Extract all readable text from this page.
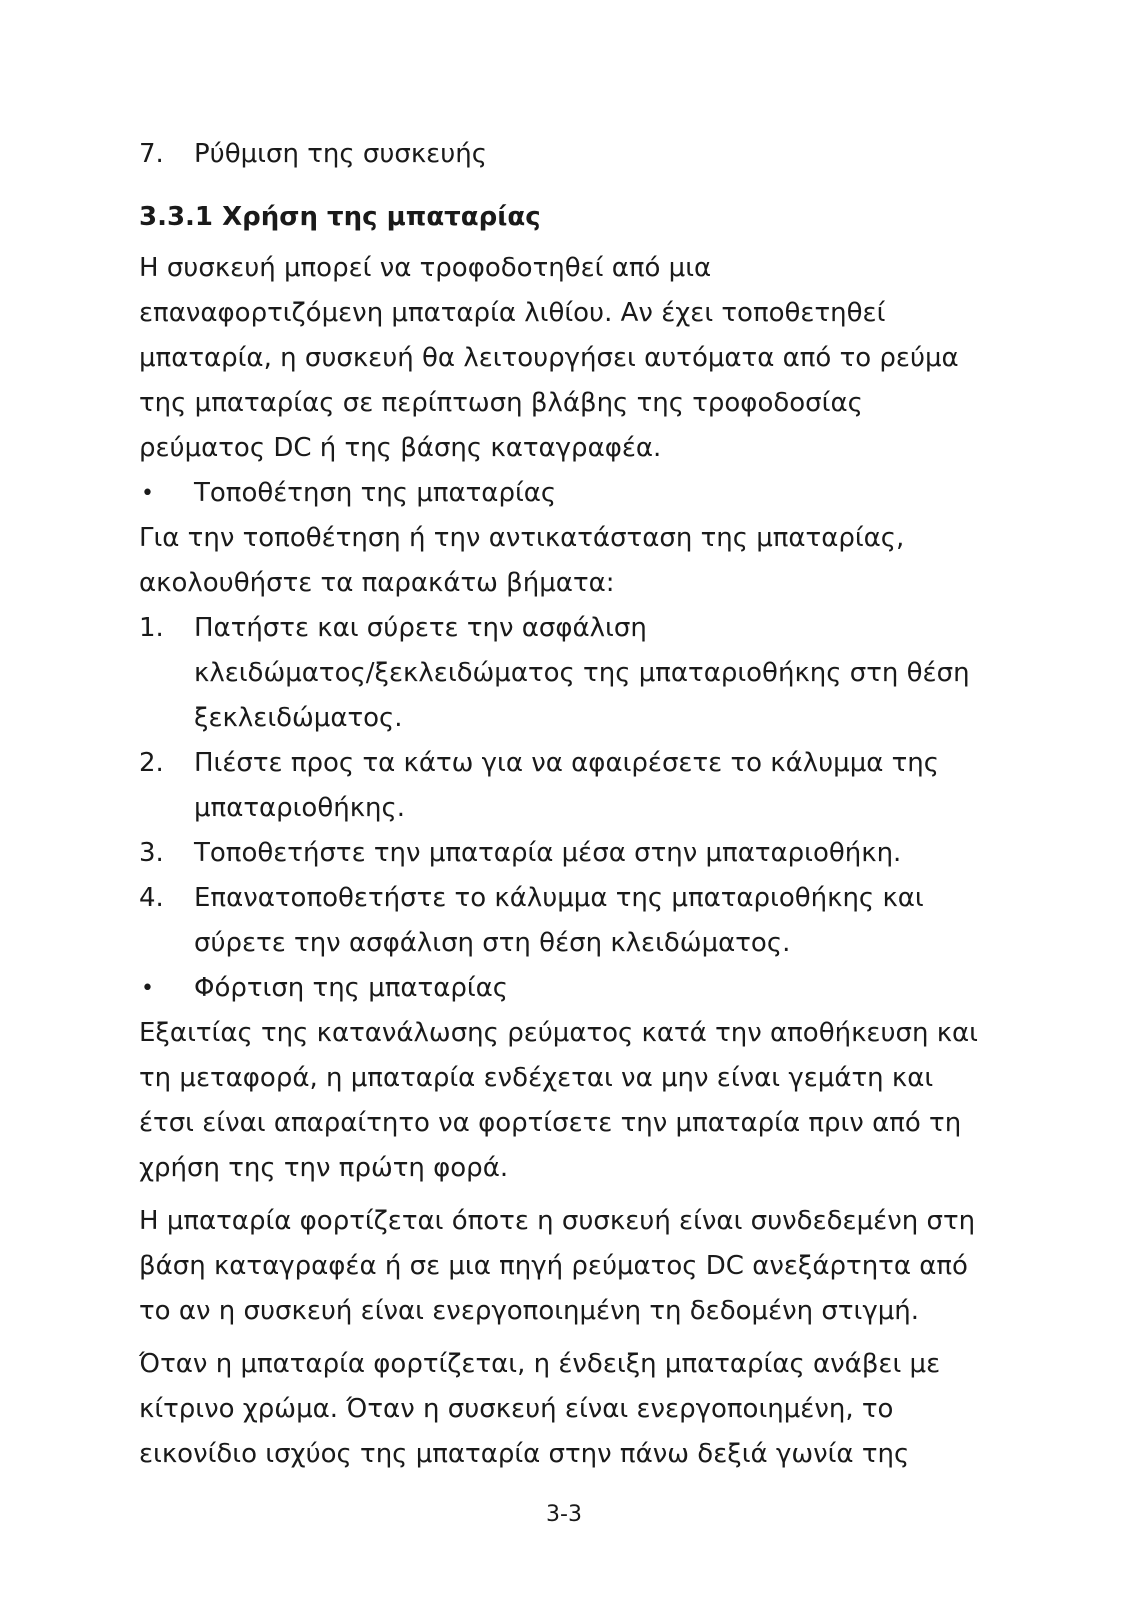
7. Ρύθμιση της συσκευής
3.3.1 Χρήση της μπαταρίας
Η συσκευή μπορεί να τροφοδοτηθεί από μια
επαναφορτιζόμενη μπαταρία λιθίου. Αν έχει τοποθετηθεί
μπαταρία, η συσκευή θα λειτουργήσει αυτόματα από το ρεύμα
της μπαταρίας σε περίπτωση βλάβης της τροφοδοσίας
ρεύματος DC ή της βάσης καταγραφέα.
• Τοποθέτηση της μπαταρίας
Για την τοποθέτηση ή την αντικατάσταση της μπαταρίας,
ακολουθήστε τα παρακάτω βήματα:
1. Πατήστε και σύρετε την ασφάλιση
κλειδώματος/ξεκλειδώματος της μπαταριοθήκης στη θέση
ξεκλειδώματος.
2. Πιέστε προς τα κάτω για να αφαιρέσετε το κάλυμμα της
μπαταριοθήκης.
3. Τοποθετήστε την μπαταρία μέσα στην μπαταριοθήκη.
4. Επανατοποθετήστε το κάλυμμα της μπαταριοθήκης και
σύρετε την ασφάλιση στη θέση κλειδώματος.
• Φόρτιση της μπαταρίας
Εξαιτίας της κατανάλωσης ρεύματος κατά την αποθήκευση και
τη μεταφορά, η μπαταρία ενδέχεται να μην είναι γεμάτη και
έτσι είναι απαραίτητο να φορτίσετε την μπαταρία πριν από τη
χρήση της την πρώτη φορά.
Η μπαταρία φορτίζεται όποτε η συσκευή είναι συνδεδεμένη στη
βάση καταγραφέα ή σε μια πηγή ρεύματος DC ανεξάρτητα από
το αν η συσκευή είναι ενεργοποιημένη τη δεδομένη στιγμή.
Όταν η μπαταρία φορτίζεται, η ένδειξη μπαταρίας ανάβει με
κίτρινο χρώμα. Όταν η συσκευή είναι ενεργοποιημένη, το
εικονίδιο ισχύος της μπαταρία στην πάνω δεξιά γωνία της
3-3
